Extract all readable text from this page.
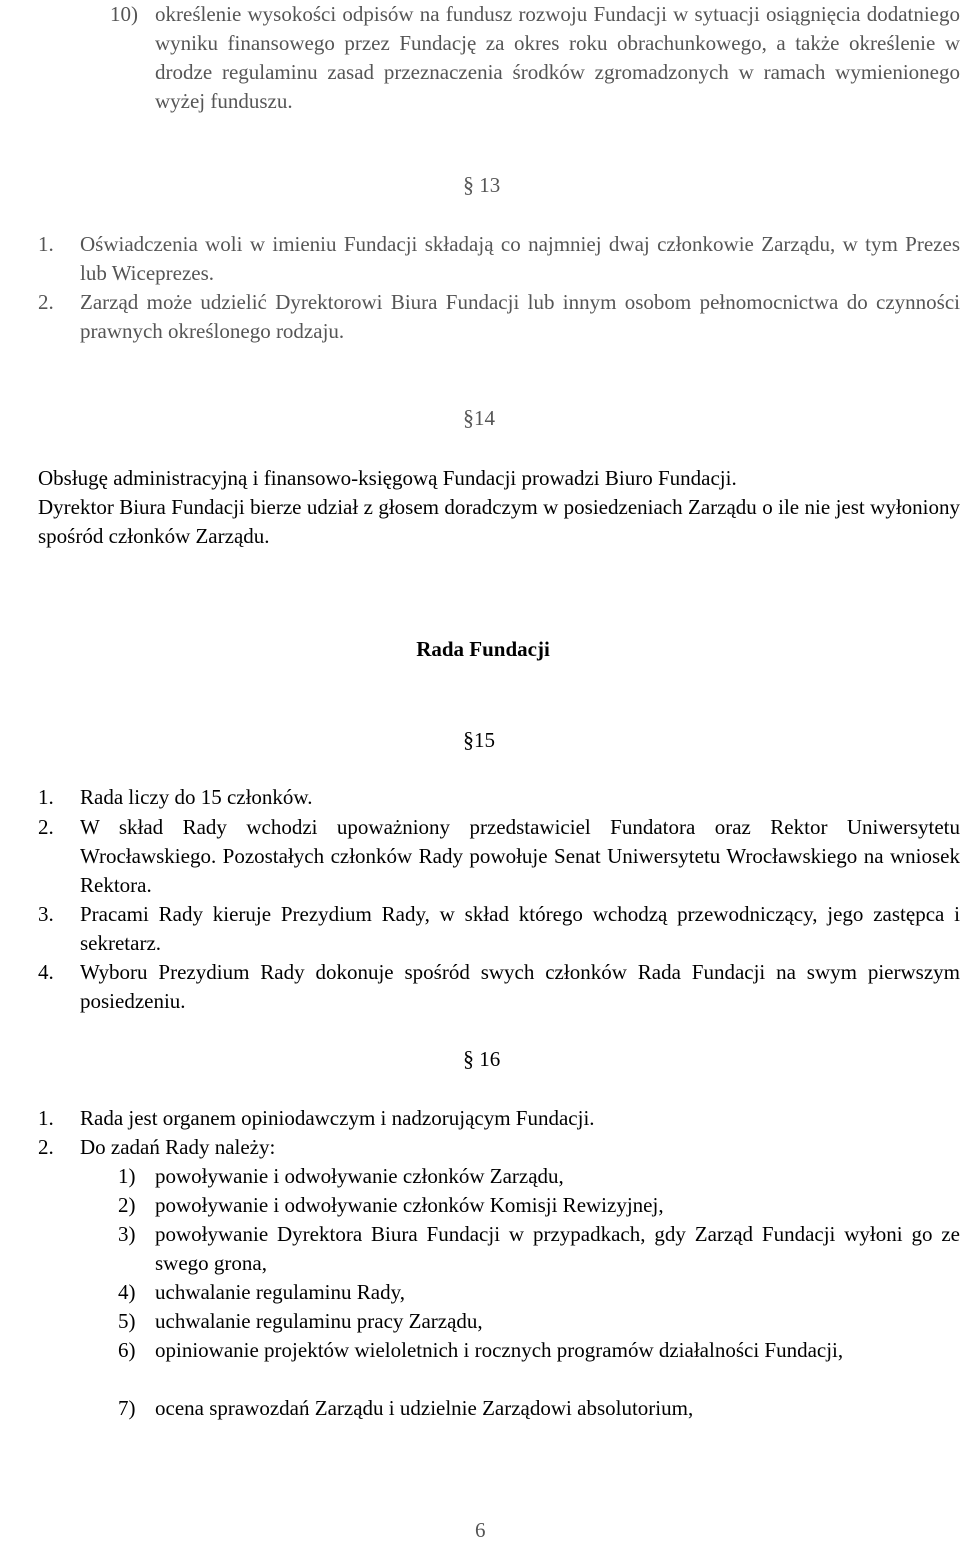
10) określenie wysokości odpisów na fundusz rozwoju Fundacji w sytuacji osiągnięcia dodatniego wyniku finansowego przez Fundację za okres roku obrachunkowego, a także określenie w drodze regulaminu zasad przeznaczenia środków zgromadzonych w ramach wymienionego wyżej funduszu.
§ 13
1. Oświadczenia woli w imieniu Fundacji składają co najmniej dwaj członkowie Zarządu, w tym Prezes lub Wiceprezes.
2. Zarząd może udzielić Dyrektorowi Biura Fundacji lub innym osobom pełnomocnictwa do czynności prawnych określonego rodzaju.
§14
Obsługę administracyjną i finansowo-księgową Fundacji prowadzi Biuro Fundacji.
Dyrektor Biura Fundacji bierze udział z głosem doradczym w posiedzeniach Zarządu o ile nie jest wyłoniony spośród członków Zarządu.
Rada Fundacji
§15
1. Rada liczy do 15 członków.
2. W skład Rady wchodzi upoważniony przedstawiciel Fundatora oraz Rektor Uniwersytetu Wrocławskiego. Pozostałych członków Rady powołuje Senat Uniwersytetu Wrocławskiego na wniosek Rektora.
3. Pracami Rady kieruje Prezydium Rady, w skład którego wchodzą przewodniczący, jego zastępca i sekretarz.
4. Wyboru Prezydium Rady dokonuje spośród swych członków Rada Fundacji na swym pierwszym posiedzeniu.
§ 16
1. Rada jest organem opiniodawczym i nadzorującym Fundacji.
2. Do zadań Rady należy:
1) powoływanie i odwoływanie członków Zarządu,
2) powoływanie i odwoływanie członków Komisji Rewizyjnej,
3) powoływanie Dyrektora Biura Fundacji w przypadkach, gdy Zarząd Fundacji wyłoni go ze swego grona,
4) uchwalanie regulaminu Rady,
5) uchwalanie regulaminu pracy Zarządu,
6) opiniowanie projektów wieloletnich i rocznych programów działalności Fundacji,
7) ocena sprawozdań Zarządu i udzielnie Zarządowi absolutorium,
6
